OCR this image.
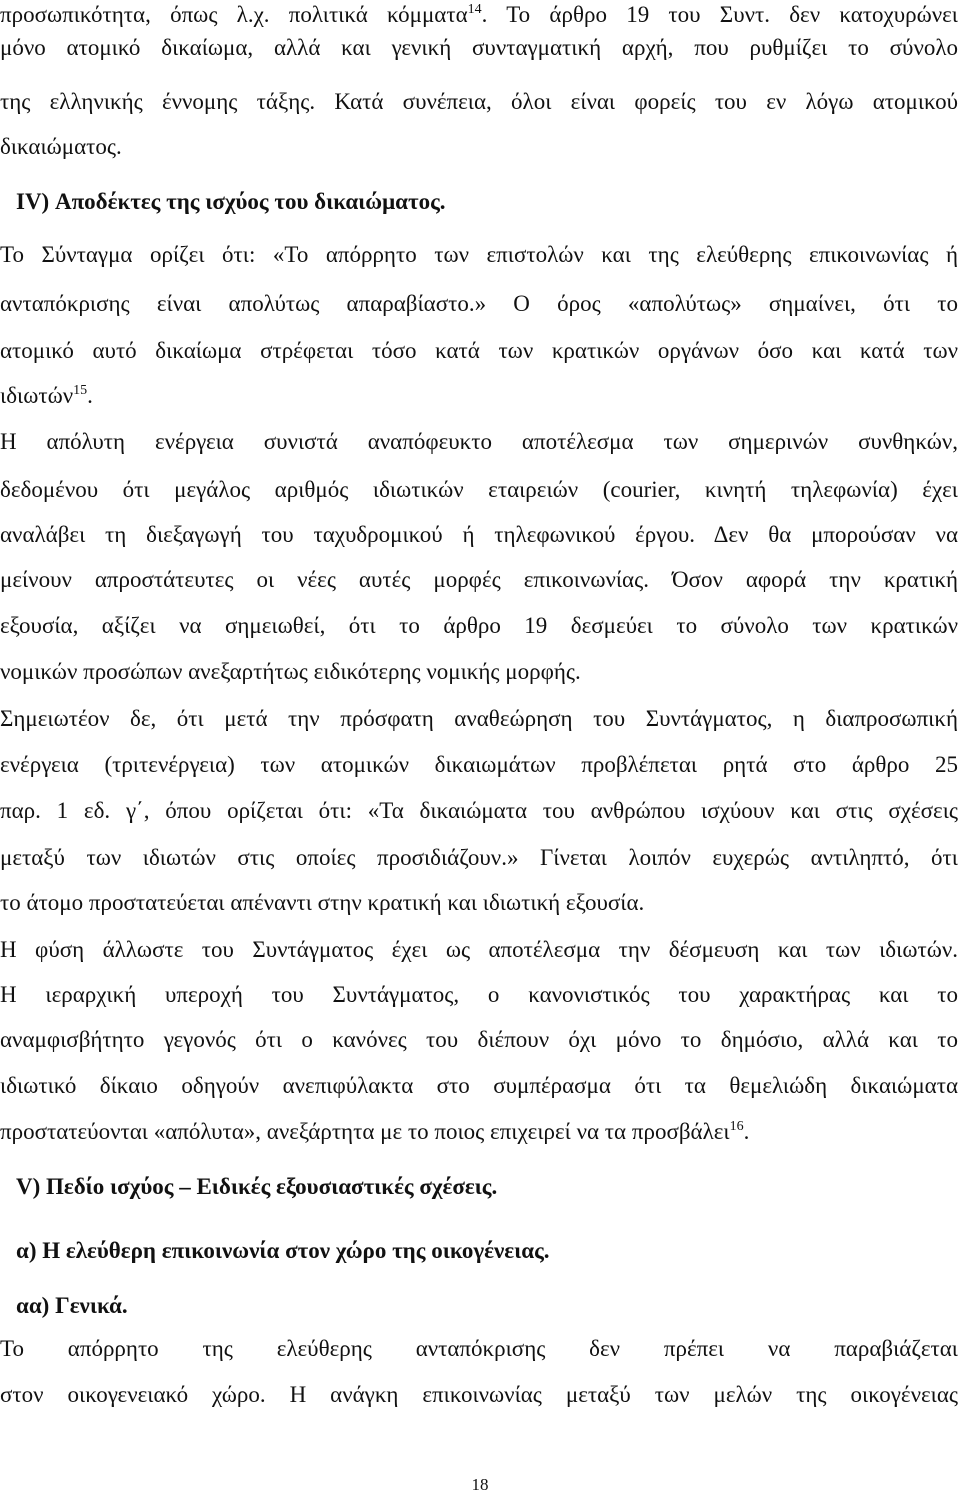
προσωπικότητα, όπως λ.χ. πολιτικά κόμματα$^{14}$. Το άρθρο 19 του Συντ. δεν κατοχυρώνει
μόνο ατομικό δικαίωμα, αλλά και γενική συνταγματική αρχή, που ρυθμίζει το σύνολο
της ελληνικής έννομης τάξης. Κατά συνέπεια, όλοι είναι φορείς του εν λόγω ατομικού
δικαιώματος.
IV) Αποδέκτες της ισχύος του δικαιώματος.
Το Σύνταγμα ορίζει ότι: «Το απόρρητο των επιστολών και της ελεύθερης επικοινωνίας ή
ανταπόκρισης είναι απολύτως απαραβίαστο.» Ο όρος «απολύτως» σημαίνει, ότι το
ατομικό αυτό δικαίωμα στρέφεται τόσο κατά των κρατικών οργάνων όσο και κατά των
ιδιωτών$^{15}$.
Η απόλυτη ενέργεια συνιστά αναπόφευκτο αποτέλεσμα των σημερινών συνθηκών,
δεδομένου ότι μεγάλος αριθμός ιδιωτικών εταιρειών (courier, κινητή τηλεφωνία) έχει
αναλάβει τη διεξαγωγή του ταχυδρομικού ή τηλεφωνικού έργου. Δεν θα μπορούσαν να
μείνουν απροστάτευτες οι νέες αυτές μορφές επικοινωνίας. Όσον αφορά την κρατική
εξουσία, αξίζει να σημειωθεί, ότι το άρθρο 19 δεσμεύει το σύνολο των κρατικών
νομικών προσώπων ανεξαρτήτως ειδικότερης νομικής μορφής.
Σημειωτέον δε, ότι μετά την πρόσφατη αναθεώρηση του Συντάγματος, η διαπροσωπική
ενέργεια (τριτενέργεια) των ατομικών δικαιωμάτων προβλέπεται ρητά στο άρθρο 25
παρ. 1 εδ. γ΄, όπου ορίζεται ότι: «Τα δικαιώματα του ανθρώπου ισχύουν και στις σχέσεις
μεταξύ των ιδιωτών στις οποίες προσιδιάζουν.» Γίνεται λοιπόν ευχερώς αντιληπτό, ότι
το άτομο προστατεύεται απέναντι στην κρατική και ιδιωτική εξουσία.
Η φύση άλλωστε του Συντάγματος έχει ως αποτέλεσμα την δέσμευση και των ιδιωτών.
Η ιεραρχική υπεροχή του Συντάγματος, ο κανονιστικός του χαρακτήρας και το
αναμφισβήτητο γεγονός ότι ο κανόνες του διέπουν όχι μόνο το δημόσιο, αλλά και το
ιδιωτικό δίκαιο οδηγούν ανεπιφύλακτα στο συμπέρασμα ότι τα θεμελιώδη δικαιώματα
προστατεύονται «απόλυτα», ανεξάρτητα με το ποιος επιχειρεί να τα προσβάλει$^{16}$.
V) Πεδίο ισχύος – Ειδικές εξουσιαστικές σχέσεις.
α) Η ελεύθερη επικοινωνία στον χώρο της οικογένειας.
αα) Γενικά.
Το απόρρητο της ελεύθερης ανταπόκρισης δεν πρέπει να παραβιάζεται
στον οικογενειακό χώρο. Η ανάγκη επικοινωνίας μεταξύ των μελών της οικογένειας
18
